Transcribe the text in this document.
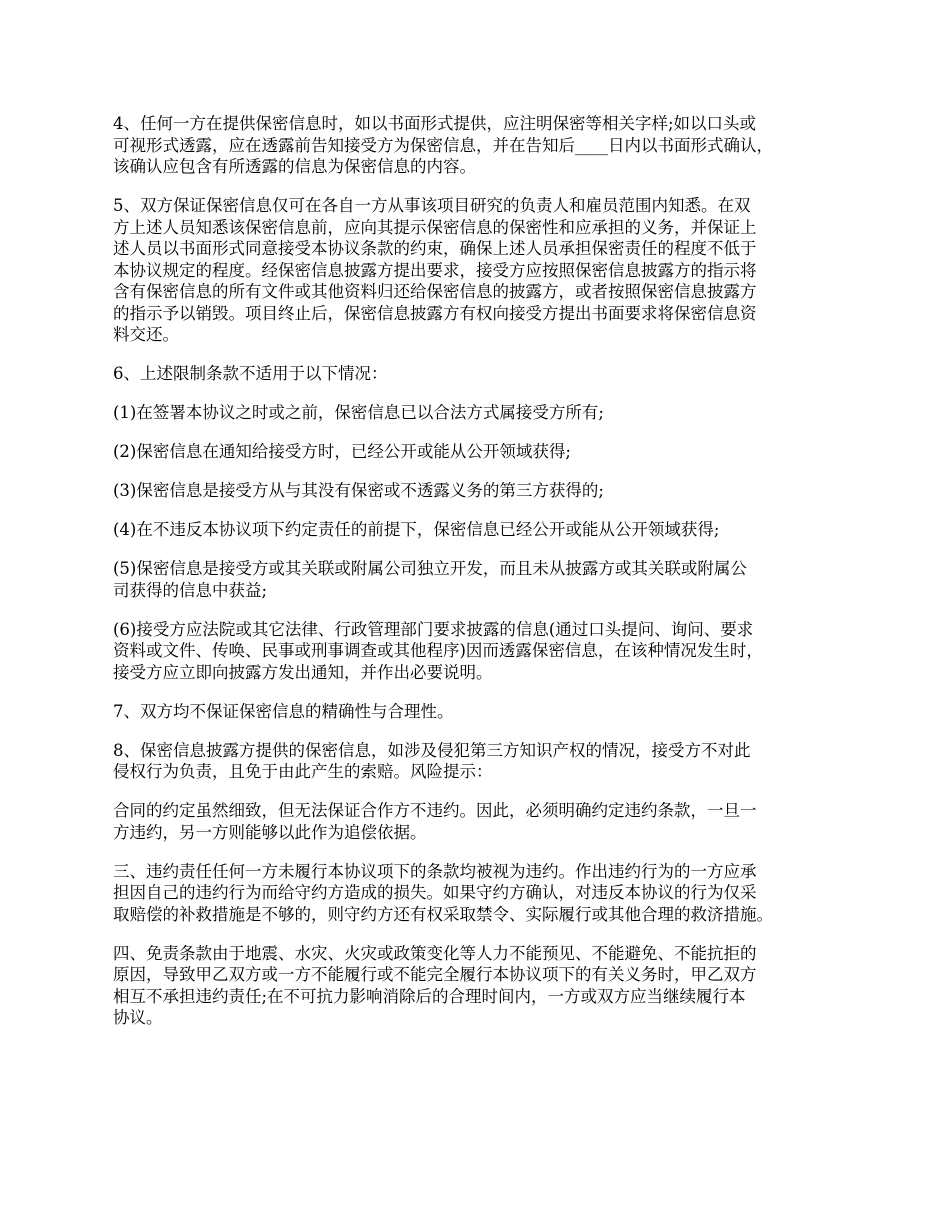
4、任何一方在提供保密信息时，如以书面形式提供，应注明保密等相关字样;如以口头或
可视形式透露，应在透露前告知接受方为保密信息，并在告知后____日内以书面形式确认，
该确认应包含有所透露的信息为保密信息的内容。
5、双方保证保密信息仅可在各自一方从事该项目研究的负责人和雇员范围内知悉。在双
方上述人员知悉该保密信息前，应向其提示保密信息的保密性和应承担的义务，并保证上
述人员以书面形式同意接受本协议条款的约束，确保上述人员承担保密责任的程度不低于
本协议规定的程度。经保密信息披露方提出要求，接受方应按照保密信息披露方的指示将
含有保密信息的所有文件或其他资料归还给保密信息的披露方，或者按照保密信息披露方
的指示予以销毁。项目终止后，保密信息披露方有权向接受方提出书面要求将保密信息资
料交还。
6、上述限制条款不适用于以下情况：
(1)在签署本协议之时或之前，保密信息已以合法方式属接受方所有;
(2)保密信息在通知给接受方时，已经公开或能从公开领域获得;
(3)保密信息是接受方从与其没有保密或不透露义务的第三方获得的;
(4)在不违反本协议项下约定责任的前提下，保密信息已经公开或能从公开领域获得;
(5)保密信息是接受方或其关联或附属公司独立开发，而且未从披露方或其关联或附属公
司获得的信息中获益;
(6)接受方应法院或其它法律、行政管理部门要求披露的信息(通过口头提问、询问、要求
资料或文件、传唤、民事或刑事调查或其他程序)因而透露保密信息，在该种情况发生时，
接受方应立即向披露方发出通知，并作出必要说明。
7、双方均不保证保密信息的精确性与合理性。
8、保密信息披露方提供的保密信息，如涉及侵犯第三方知识产权的情况，接受方不对此
侵权行为负责，且免于由此产生的索赔。风险提示：
合同的约定虽然细致，但无法保证合作方不违约。因此，必须明确约定违约条款，一旦一
方违约，另一方则能够以此作为追偿依据。
三、违约责任任何一方未履行本协议项下的条款均被视为违约。作出违约行为的一方应承
担因自己的违约行为而给守约方造成的损失。如果守约方确认，对违反本协议的行为仅采
取赔偿的补救措施是不够的，则守约方还有权采取禁令、实际履行或其他合理的救济措施。
四、免责条款由于地震、水灾、火灾或政策变化等人力不能预见、不能避免、不能抗拒的
原因，导致甲乙双方或一方不能履行或不能完全履行本协议项下的有关义务时，甲乙双方
相互不承担违约责任;在不可抗力影响消除后的合理时间内，一方或双方应当继续履行本
协议。
